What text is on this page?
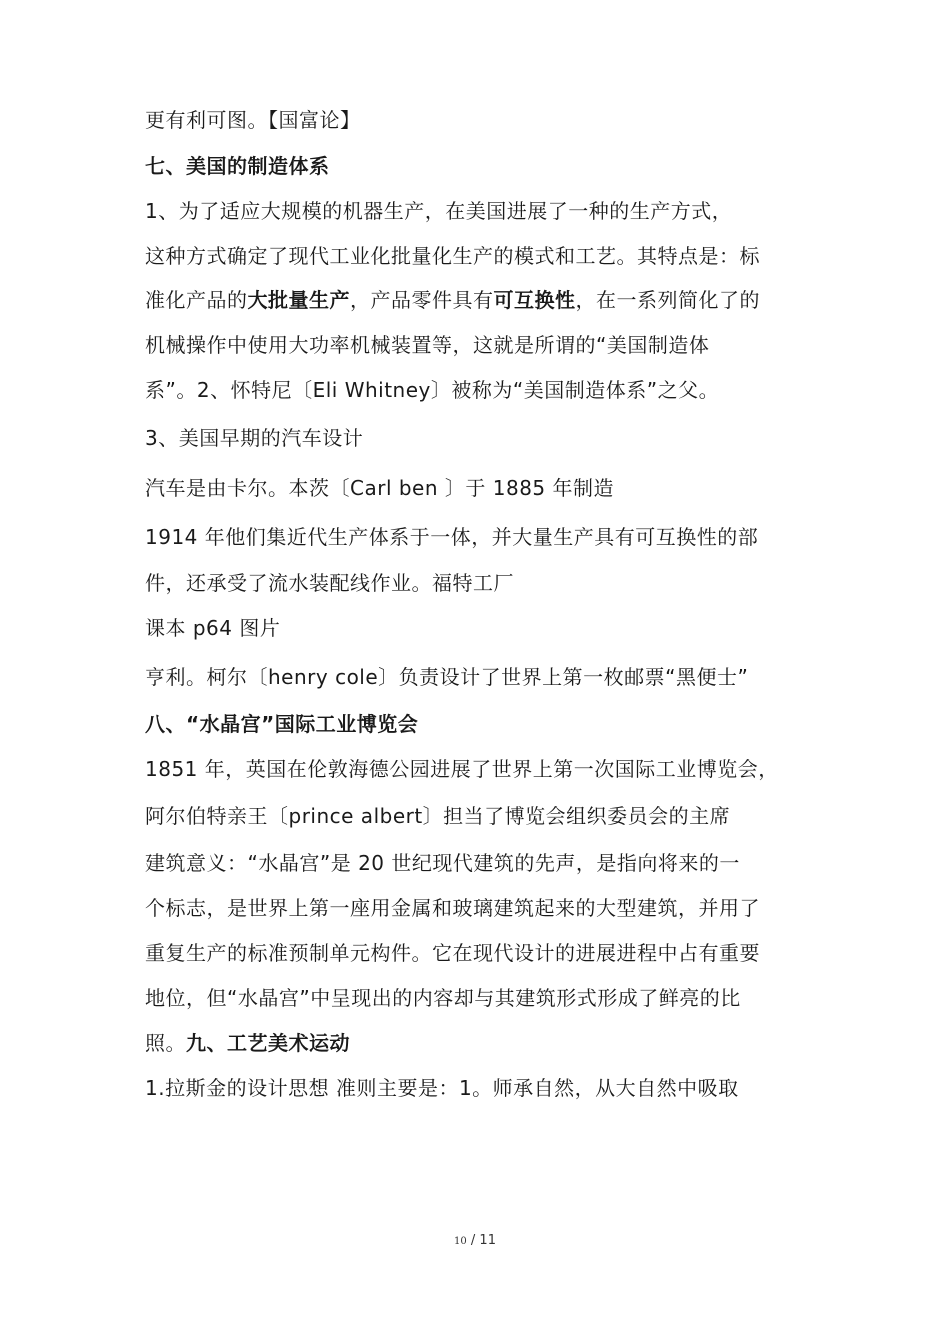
更有利可图。【国富论】
七、美国的制造体系
1、为了适应大规模的机器生产，在美国进展了一种的生产方式，
这种方式确定了现代工业化批量化生产的模式和工艺。其特点是：标
准化产品的大批量生产，产品零件具有可互换性，在一系列简化了的
机械操作中使用大功率机械装置等，这就是所谓的“美国制造体
系”。2、怀特尼〔Eli Whitney〕被称为“美国制造体系”之父。
3、美国早期的汽车设计
汽车是由卡尔。本茨〔Carl ben 〕于 1885 年制造
1914 年他们集近代生产体系于一体，并大量生产具有可互换性的部
件，还承受了流水装配线作业。福特工厂
课本 p64 图片
亨利。柯尔〔henry cole〕负责设计了世界上第一枚邮票“黑便士”
八、“水晶宫”国际工业博览会
1851 年，英国在伦敦海德公园进展了世界上第一次国际工业博览会，
阿尔伯特亲王〔prince albert〕担当了博览会组织委员会的主席
建筑意义：“水晶宫”是 20 世纪现代建筑的先声，是指向将来的一
个标志，是世界上第一座用金属和玻璃建筑起来的大型建筑，并用了
重复生产的标准预制单元构件。它在现代设计的进展进程中占有重要
地位，但“水晶宫”中呈现出的内容却与其建筑形式形成了鲜亮的比
照。九、工艺美术运动
1.拉斯金的设计思想 准则主要是：1。师承自然，从大自然中吸取
10 / 11
